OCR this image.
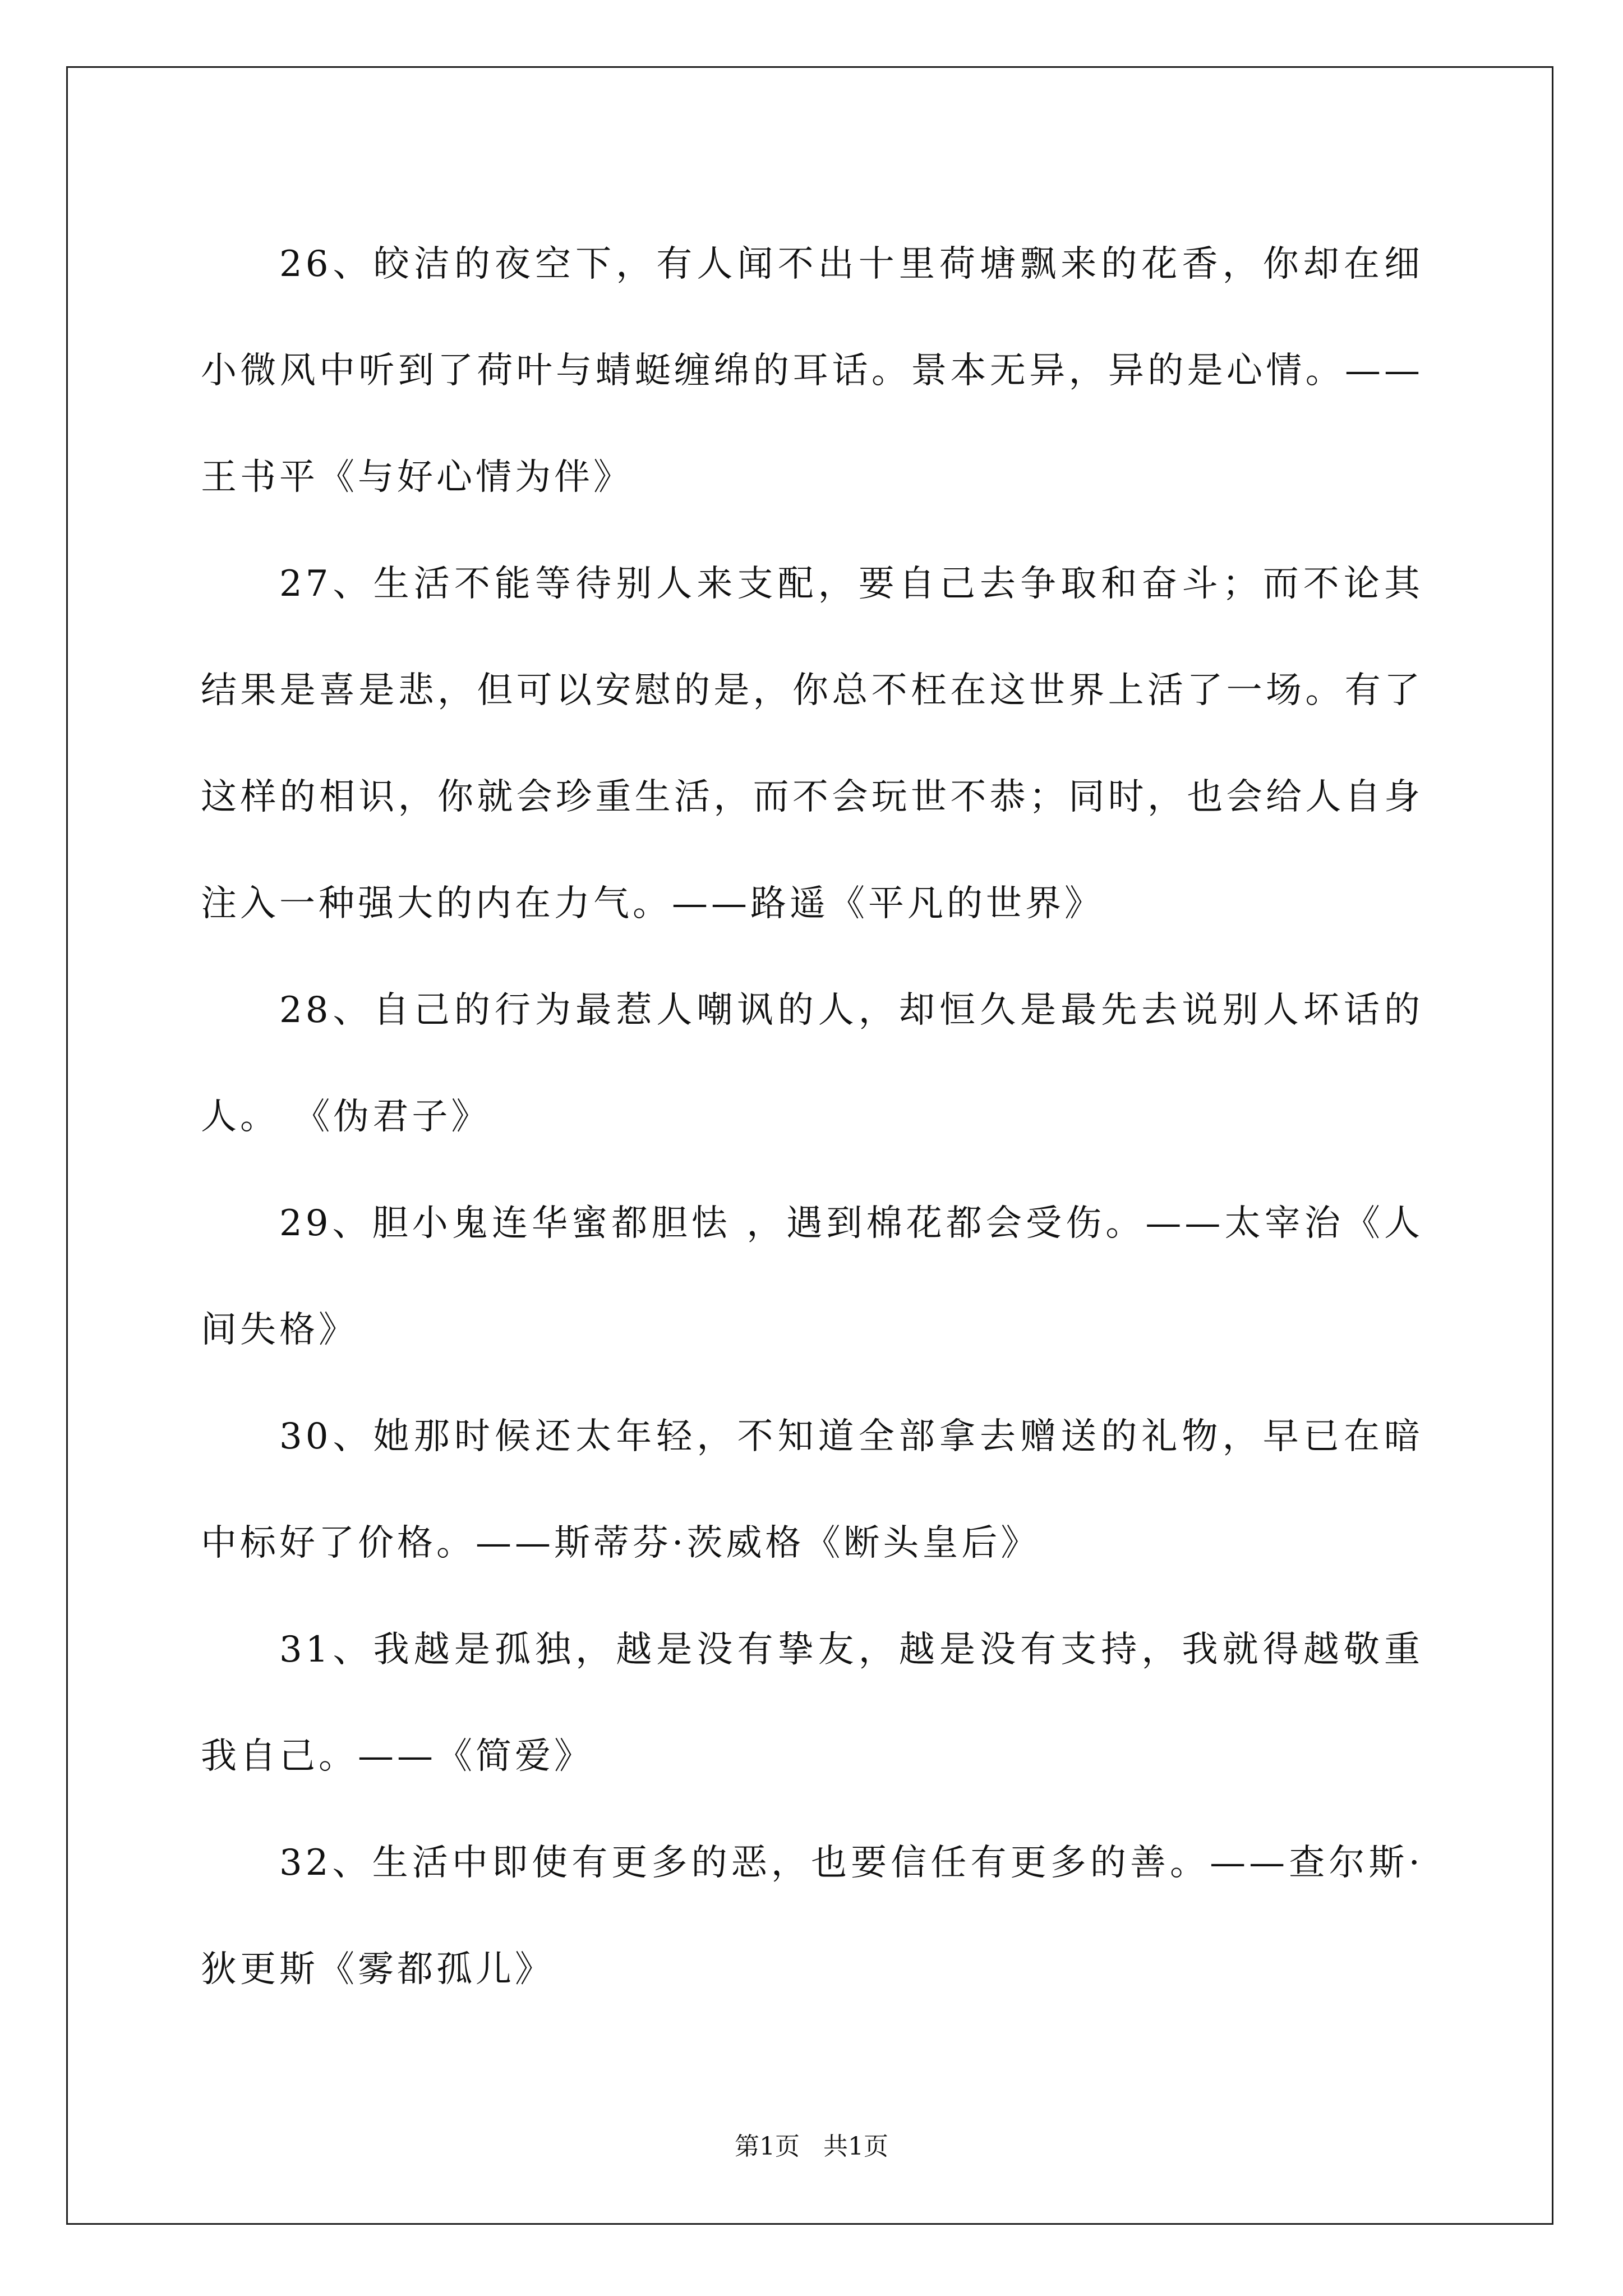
26、皎洁的夜空下，有人闻不出十里荷塘飘来的花香，你却在细小微风中听到了荷叶与蜻蜓缠绵的耳话。景本无异，异的是心情。——王书平《与好心情为伴》

27、生活不能等待别人来支配，要自己去争取和奋斗；而不论其结果是喜是悲，但可以安慰的是，你总不枉在这世界上活了一场。有了这样的相识，你就会珍重生活，而不会玩世不恭；同时，也会给人自身注入一种强大的内在力气。——路遥《平凡的世界》

28、自己的行为最惹人嘲讽的人，却恒久是最先去说别人坏话的人。 《伪君子》

29、胆小鬼连华蜜都胆怯 ，遇到棉花都会受伤。——太宰治《人间失格》

30、她那时候还太年轻，不知道全部拿去赠送的礼物，早已在暗中标好了价格。——斯蒂芬·茨威格《断头皇后》

31、我越是孤独，越是没有挚友，越是没有支持，我就得越敬重我自己。——《简爱》

32、生活中即使有更多的恶，也要信任有更多的善。——查尔斯·狄更斯《雾都孤儿》

第1页   共1页
